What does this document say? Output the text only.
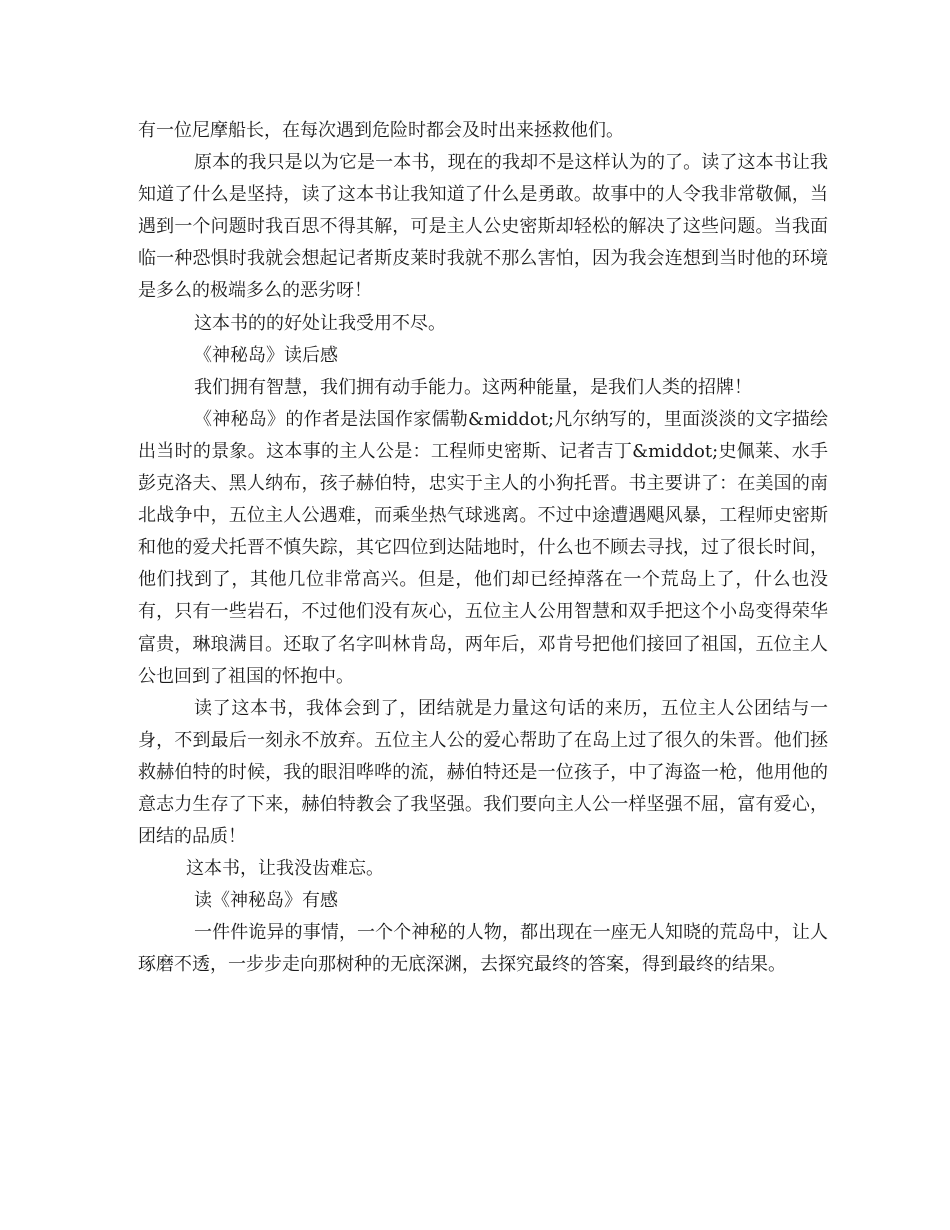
有一位尼摩船长，在每次遇到危险时都会及时出来拯救他们。

原本的我只是以为它是一本书，现在的我却不是这样认为的了。读了这本书让我知道了什么是坚持，读了这本书让我知道了什么是勇敢。故事中的人令我非常敬佩，当遇到一个问题时我百思不得其解，可是主人公史密斯却轻松的解决了这些问题。当我面临一种恐惧时我就会想起记者斯皮莱时我就不那么害怕，因为我会连想到当时他的环境是多么的极端多么的恶劣呀！

这本书的的好处让我受用不尽。

《神秘岛》读后感

我们拥有智慧，我们拥有动手能力。这两种能量，是我们人类的招牌！

《神秘岛》的作者是法国作家儒勒&middot;凡尔纳写的，里面淡淡的文字描绘出当时的景象。这本事的主人公是：工程师史密斯、记者吉丁&middot;史佩莱、水手彭克洛夫、黑人纳布，孩子赫伯特，忠实于主人的小狗托晋。书主要讲了：在美国的南北战争中，五位主人公遇难，而乘坐热气球逃离。不过中途遭遇飓风暴，工程师史密斯和他的爱犬托晋不慎失踪，其它四位到达陆地时，什么也不顾去寻找，过了很长时间，他们找到了，其他几位非常高兴。但是，他们却已经掉落在一个荒岛上了，什么也没有，只有一些岩石，不过他们没有灰心，五位主人公用智慧和双手把这个小岛变得荣华富贵，琳琅满目。还取了名字叫林肯岛，两年后，邓肯号把他们接回了祖国，五位主人公也回到了祖国的怀抱中。

读了这本书，我体会到了，团结就是力量这句话的来历，五位主人公团结与一身，不到最后一刻永不放弃。五位主人公的爱心帮助了在岛上过了很久的朱晋。他们拯救赫伯特的时候，我的眼泪哗哗的流，赫伯特还是一位孩子，中了海盗一枪，他用他的意志力生存了下来，赫伯特教会了我坚强。我们要向主人公一样坚强不屈，富有爱心，团结的品质！

这本书，让我没齿难忘。

读《神秘岛》有感

一件件诡异的事情，一个个神秘的人物，都出现在一座无人知晓的荒岛中，让人琢磨不透，一步步走向那树种的无底深渊，去探究最终的答案，得到最终的结果。
